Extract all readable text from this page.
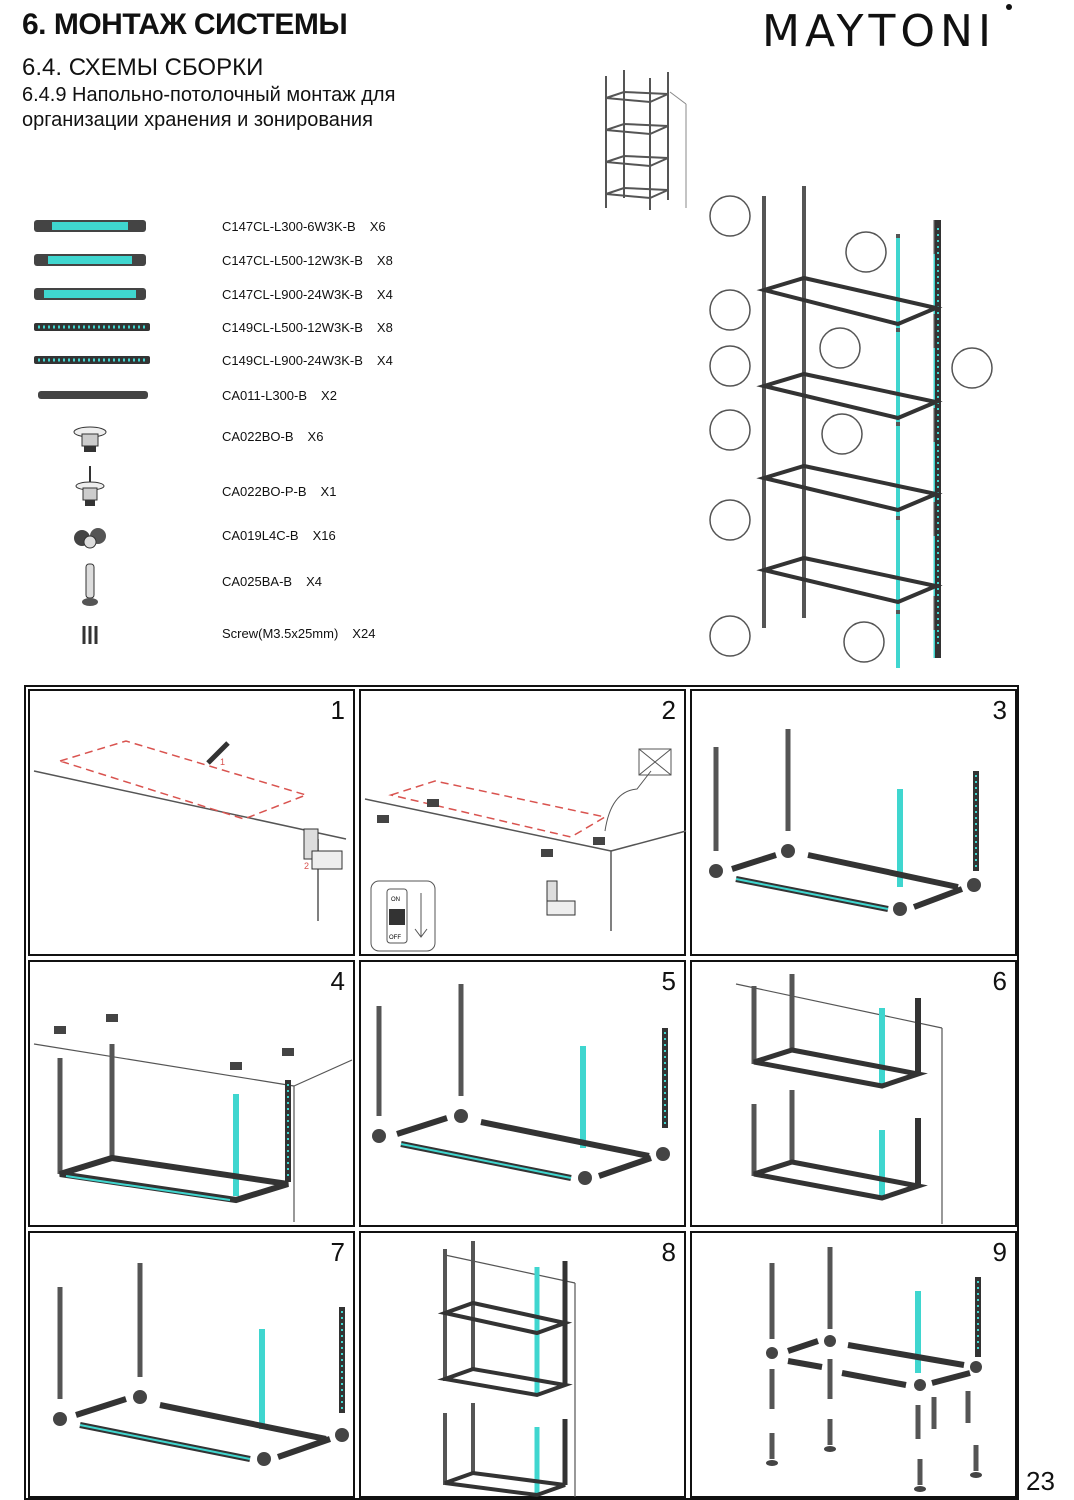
6. МОНТАЖ СИСТЕМЫ
6.4. СХЕМЫ СБОРКИ
6.4.9 Напольно-потолочный монтаж для организации хранения и зонирования
MAYTONI
C147CL-L300-6W3K-B X6
C147CL-L500-12W3K-B X8
C147CL-L900-24W3K-B X4
C149CL-L500-12W3K-B X8
C149CL-L900-24W3K-B X4
CA011-L300-B X2
CA022BO-B X6
CA022BO-P-B X1
CA019L4C-B X16
CA025BA-B X4
Screw(M3.5x25mm) X24
1
1
2
2
ON
OFF
3
4	5	6
7	8	9
23
